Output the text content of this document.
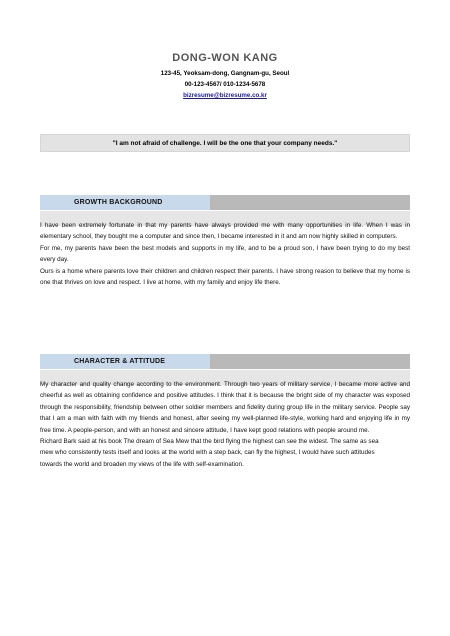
DONG-WON KANG
123-45, Yeoksam-dong, Gangnam-gu, Seoul
00-123-4567/ 010-1234-5678
bizresume@bizresume.co.kr
"I am not afraid of challenge. I will be the one that your company needs."
GROWTH BACKGROUND

I have been extremely fortunate in that my parents have always provided me with many opportunities in life. When I was in elementary school, they bought me a computer and since then, I became interested in it and am now highly skilled in computers.

For me, my parents have been the best models and supports in my life, and to be a proud son, I have been trying to do my best every day.

Ours is a home where parents love their children and children respect their parents. I have strong reason to believe that my home is one that thrives on love and respect. I live at home, with my family and enjoy life there.

CHARACTER & ATTITUDE

My character and quality change according to the environment. Through two years of military service, I became more active and cheerful as well as obtaining confidence and positive attitudes. I think that it is because the bright side of my character was exposed through the responsibility, friendship between other soldier members and fidelity during group life in the military service. People say that I am a man with faith with my friends and honest, after seeing my well-planned life-style, working hard and enjoying life in my free time. A people-person, and with an honest and sincere attitude, I have kept good relations with people around me.

Richard Bark said at his book The dream of Sea Mew that the bird flying the highest can see the widest. The same as sea mew who consistently tests itself and looks at the world with a step back, can fly the highest, I would have such attitudes towards the world and broaden my views of the life with self-examination.
